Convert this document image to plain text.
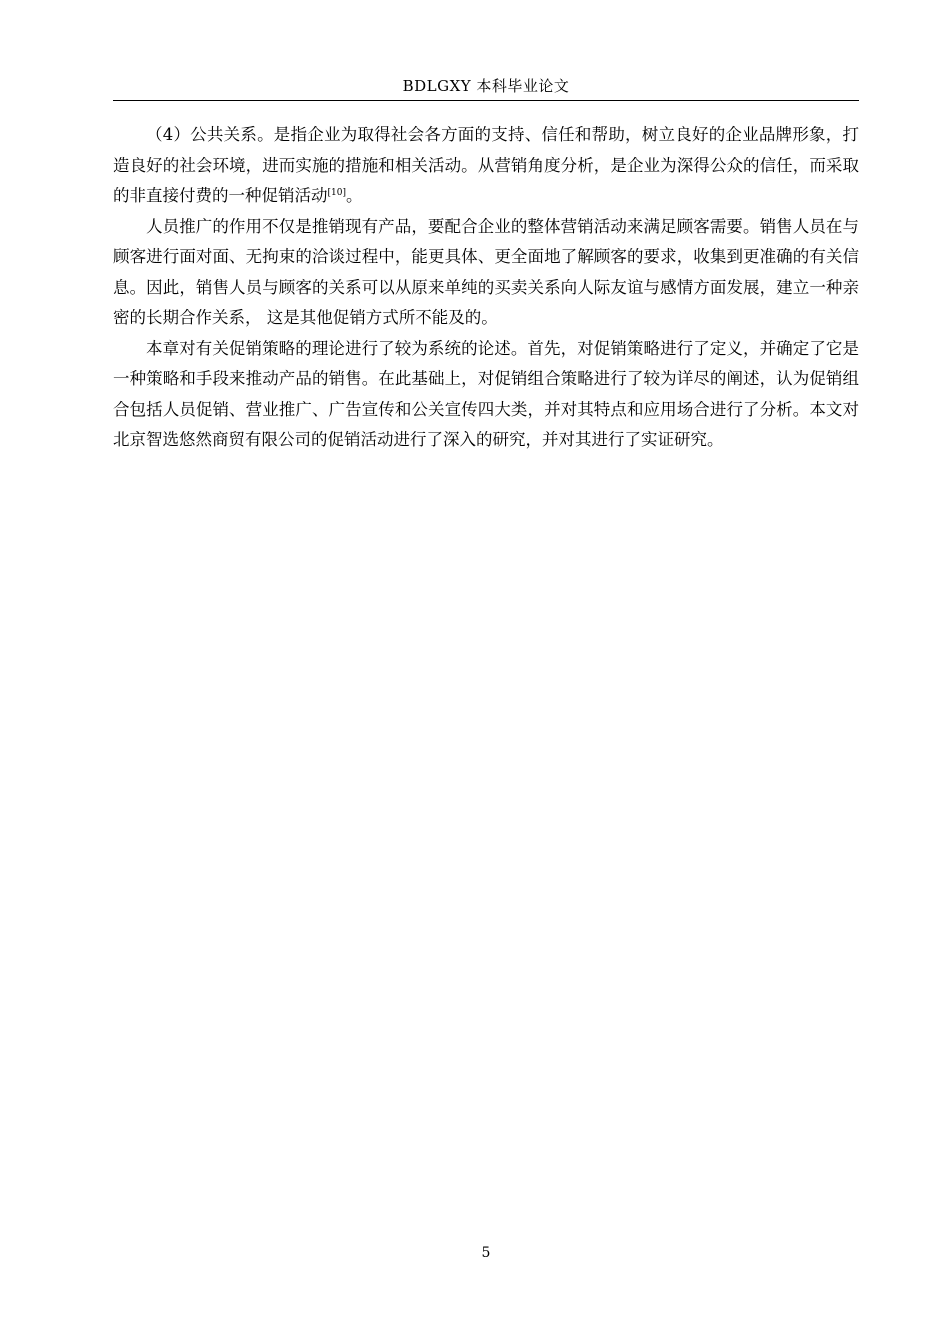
BDLGXY 本科毕业论文

（4）公共关系。是指企业为取得社会各方面的支持、信任和帮助，树立良好的企业品牌形象，打造良好的社会环境，进而实施的措施和相关活动。从营销角度分析，是企业为深得公众的信任，而采取的非直接付费的一种促销活动[10]。

人员推广的作用不仅是推销现有产品，要配合企业的整体营销活动来满足顾客需要。销售人员在与顾客进行面对面、无拘束的洽谈过程中，能更具体、更全面地了解顾客的要求，收集到更准确的有关信息。因此，销售人员与顾客的关系可以从原来单纯的买卖关系向人际友谊与感情方面发展，建立一种亲密的长期合作关系， 这是其他促销方式所不能及的。

本章对有关促销策略的理论进行了较为系统的论述。首先，对促销策略进行了定义，并确定了它是一种策略和手段来推动产品的销售。在此基础上，对促销组合策略进行了较为详尽的阐述，认为促销组合包括人员促销、营业推广、广告宣传和公关宣传四大类，并对其特点和应用场合进行了分析。本文对北京智选悠然商贸有限公司的促销活动进行了深入的研究，并对其进行了实证研究。

5
